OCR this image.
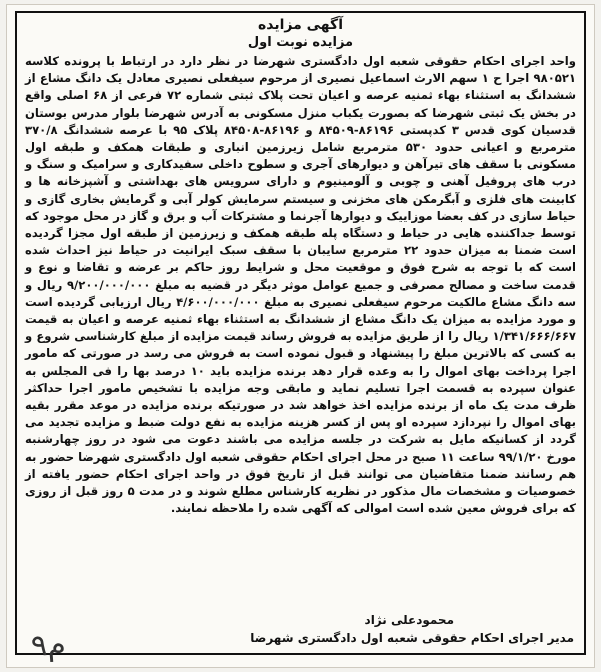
آگهی مزایده
مزایده نوبت اول

واحد اجرای احکام حقوقی شعبه اول دادگستری شهرضا در نظر دارد در ارتباط با پرونده کلاسه ۹۸۰۵۲۱ اجرا ح ۱ سهم الارث اسماعیل نصیری از مرحوم سیفعلی نصیری معادل یک دانگ مشاع از ششدانگ به استثناء بهاء ثمنیه عرصه و اعیان تحت پلاک ثبتی شماره ۷۲ فرعی از ۶۸ اصلی واقع در بخش یک ثبتی شهرضا که بصورت یکباب منزل مسکونی به آدرس شهرضا بلوار مدرس بوستان قدسیان کوی قدس ۳ کدپستی ۸۶۱۹۶-۸۴۵۰۹ و ۸۶۱۹۶-۸۴۵۰۸ پلاک ۹۵ با عرصه ششدانگ ۳۷۰/۸ مترمربع و اعیانی حدود ۵۳۰ مترمربع شامل زیرزمین انباری و طبقات همکف و طبقه اول مسکونی با سقف های تیرآهن و دیوارهای آجری و سطوح داخلی سفیدکاری و سرامیک و سنگ و درب های پروفیل آهنی و چوبی و آلومینیوم و دارای سرویس های بهداشتی و آشپزخانه ها و کابینت های فلزی و آبگرمکن های مخزنی و سیستم سرمایش کولر آبی و گرمایش بخاری گازی و حیاط سازی در کف بعضا موزاییک و دیوارها آجرنما و مشترکات آب و برق و گاز در محل موجود که توسط جداکننده هایی در حیاط و دستگاه پله طبقه همکف و زیرزمین از طبقه اول مجزا گردیده است ضمنا به میزان حدود ۲۲ مترمربع سایبان با سقف سبک ایرانیت در حیاط نیز احداث شده است که با توجه به شرح فوق و موقعیت محل و شرایط روز حاکم بر عرضه و تقاضا و نوع و قدمت ساخت و مصالح مصرفی و جمیع عوامل موثر دیگر در قضیه به مبلغ ۹/۲۰۰/۰۰۰/۰۰۰ ریال و سه دانگ مشاع مالکیت مرحوم سیفعلی نصیری به مبلغ ۴/۶۰۰/۰۰۰/۰۰۰ ریال ارزیابی گردیده است و مورد مزایده به میزان یک دانگ مشاع از ششدانگ به استثناء بهاء ثمنیه عرصه و اعیان به قیمت ۱/۳۴۱/۶۶۶/۶۶۷ ریال را از طریق مزایده به فروش رساند قیمت مزایده از مبلغ کارشناسی شروع و به کسی که بالاترین مبلغ را پیشنهاد و قبول نموده است به فروش می رسد در صورتی که مامور اجرا پرداخت بهای اموال را به وعده قرار دهد برنده مزایده باید ۱۰ درصد بها را فی المجلس به عنوان سپرده به قسمت اجرا تسلیم نماید و مابقی وجه مزایده با تشخیص مامور اجرا حداکثر ظرف مدت یک ماه از برنده مزایده اخذ خواهد شد در صورتیکه برنده مزایده در موعد مقرر بقیه بهای اموال را نپردازد سپرده او پس از کسر هزینه مزایده به نفع دولت ضبط و مزایده تجدید می گردد از کسانیکه مایل به شرکت در جلسه مزایده می باشند دعوت می شود در روز چهارشنبه مورخ ۹۹/۱/۲۰ ساعت ۱۱ صبح در محل اجرای احکام حقوقی شعبه اول دادگستری شهرضا حضور به هم رسانند ضمنا متقاضیان می توانند قبل از تاریخ فوق در واحد اجرای احکام حضور یافته از خصوصیات و مشخصات مال مذکور در نظریه کارشناس مطلع شوند و در مدت ۵ روز قبل از روزی که برای فروش معین شده است اموالی که آگهی شده را ملاحظه نمایند.

محمودعلی نژاد
مدیر اجرای احکام حقوقی شعبه اول دادگستری شهرضا
م۹
